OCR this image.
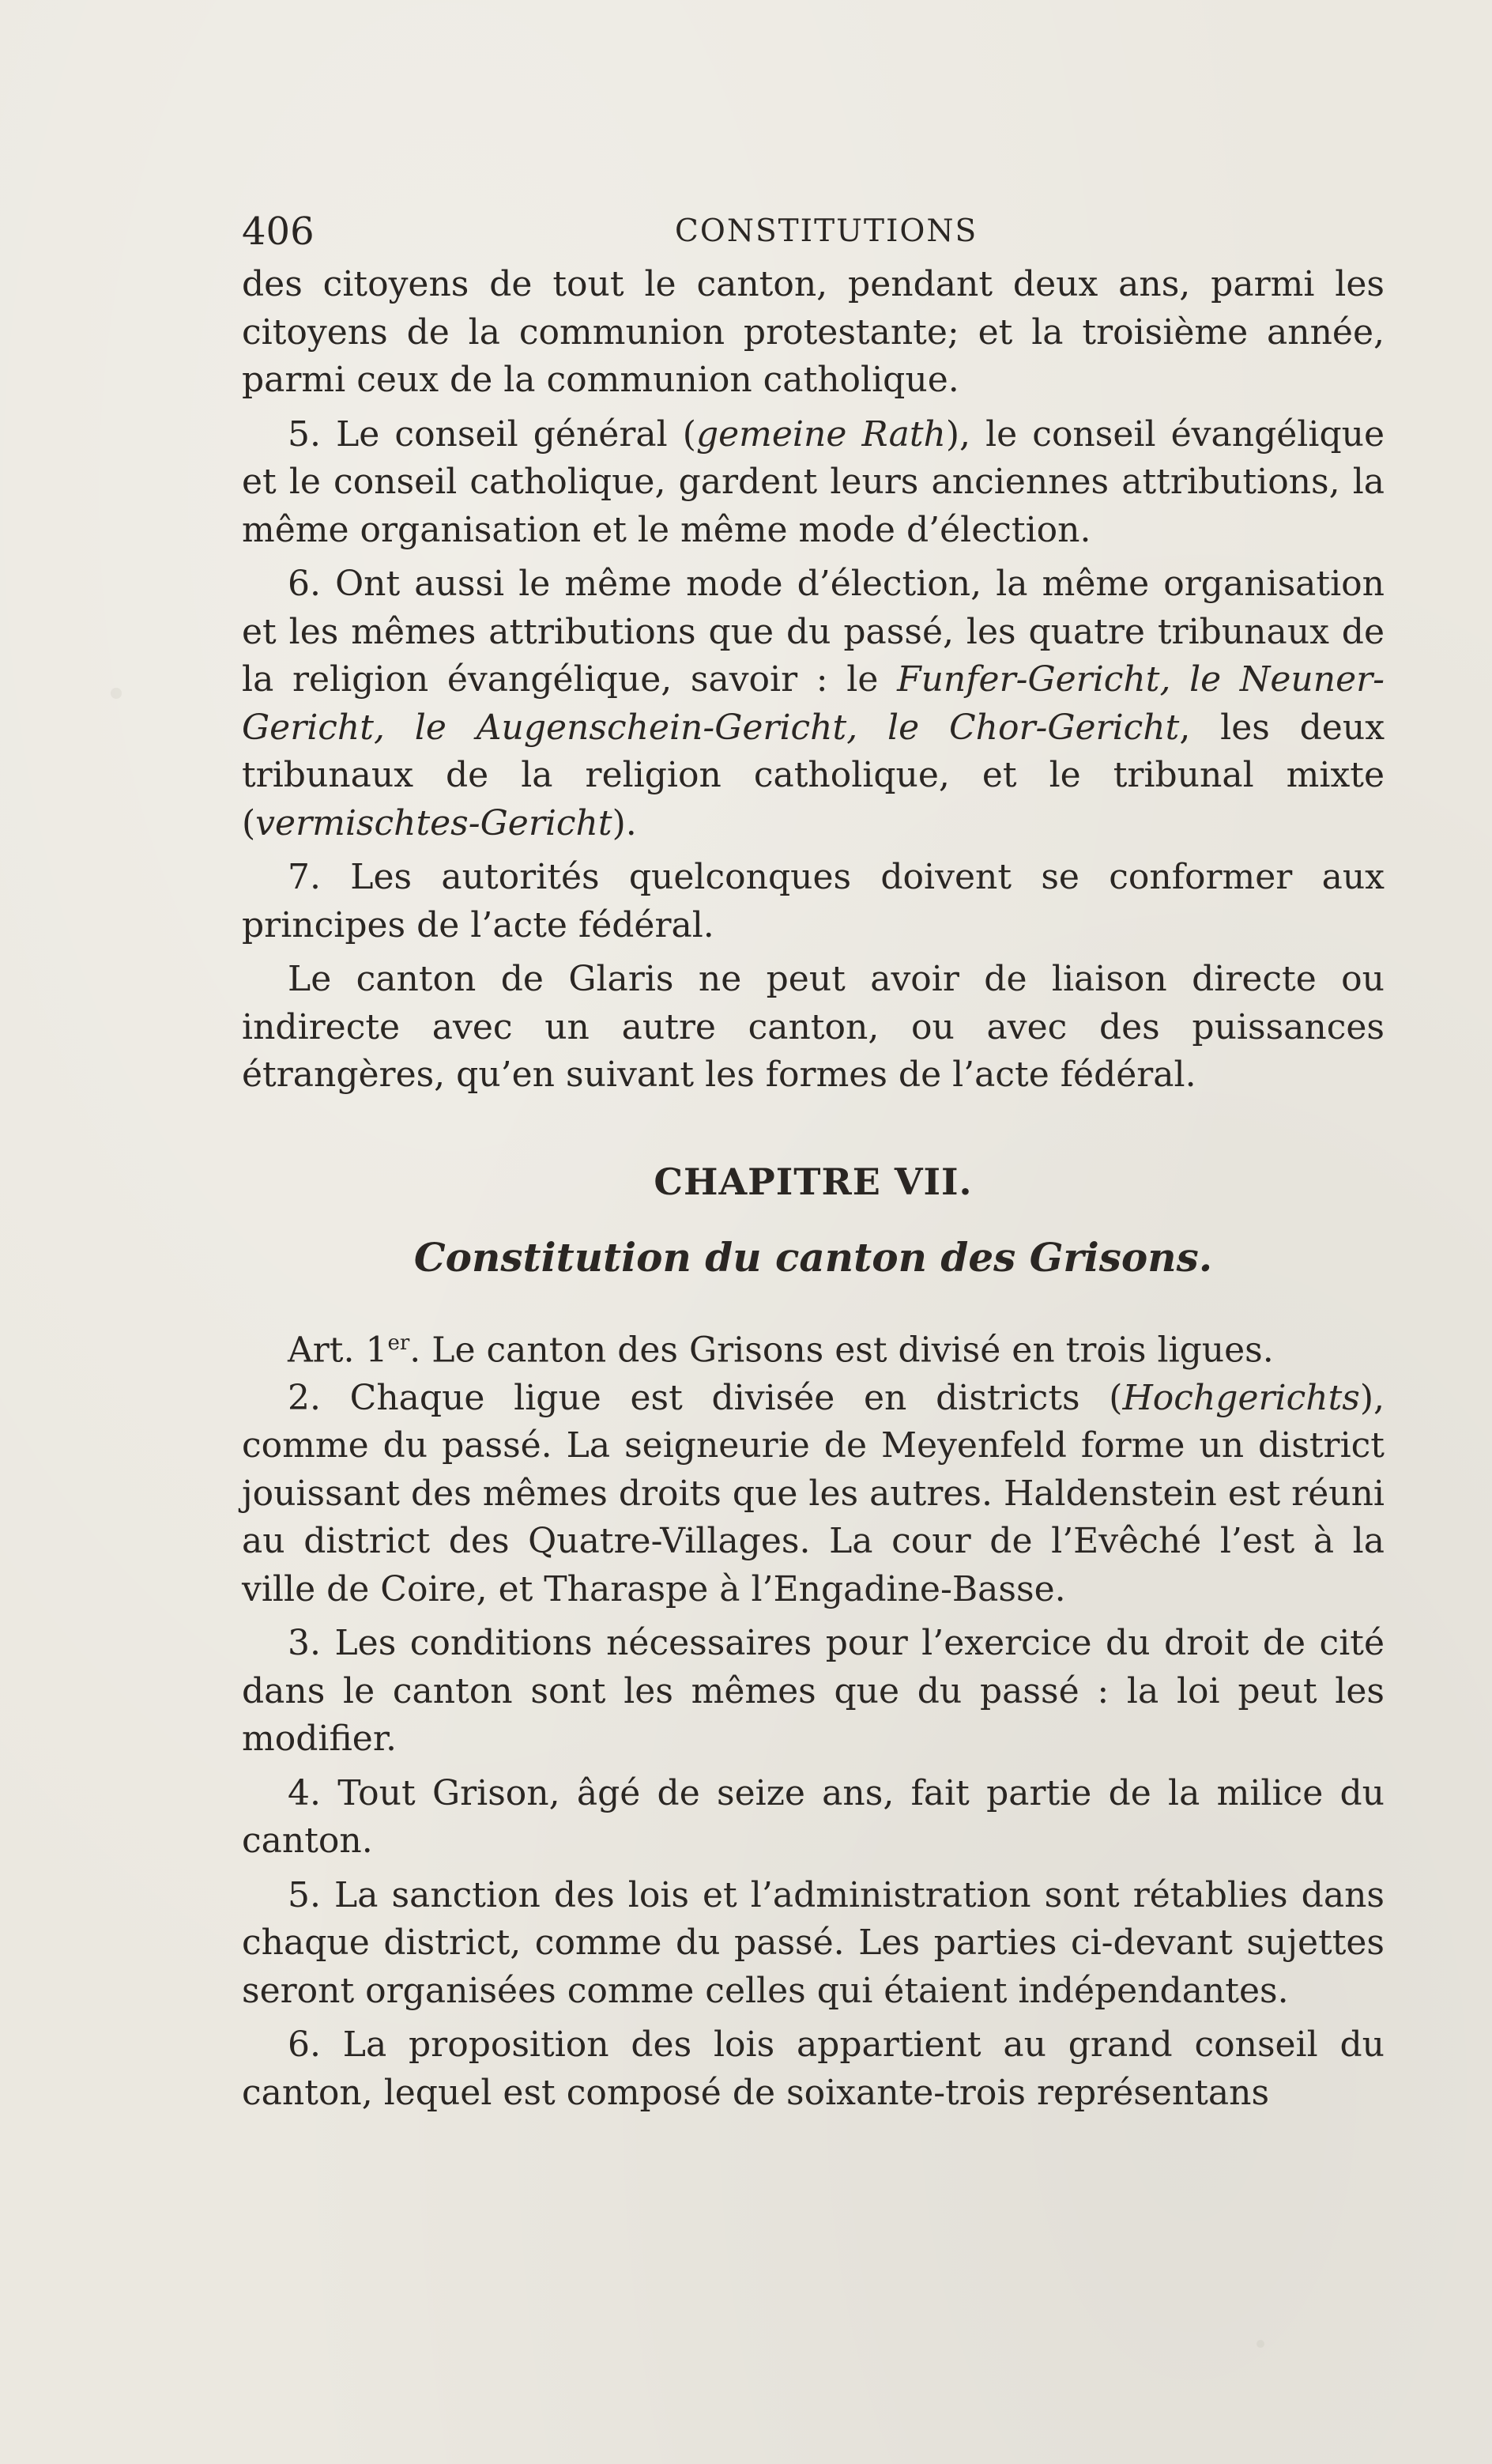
406	CONSTITUTIONS

des citoyens de tout le canton, pendant deux ans, parmi les citoyens de la communion protestante; et la troisième année, parmi ceux de la communion catholique.

5. Le conseil général (gemeine Rath), le conseil évangélique et le conseil catholique, gardent leurs anciennes attributions, la même organisation et le même mode d’élection.

6. Ont aussi le même mode d’élection, la même organisation et les mêmes attributions que du passé, les quatre tribunaux de la religion évangélique, savoir : le Funfer-Gericht, le Neuner-Gericht, le Augenschein-Gericht, le Chor-Gericht, les deux tribunaux de la religion catholique, et le tribunal mixte (vermischtes-Gericht).

7. Les autorités quelconques doivent se conformer aux principes de l’acte fédéral.

Le canton de Glaris ne peut avoir de liaison directe ou indirecte avec un autre canton, ou avec des puissances étrangères, qu’en suivant les formes de l’acte fédéral.

CHAPITRE VII.
Constitution du canton des Grisons.

Art. 1er. Le canton des Grisons est divisé en trois ligues.

2. Chaque ligue est divisée en districts (Hochgerichts), comme du passé. La seigneurie de Meyenfeld forme un district jouissant des mêmes droits que les autres. Haldenstein est réuni au district des Quatre-Villages. La cour de l’Evêché l’est à la ville de Coire, et Tharaspe à l’Engadine-Basse.

3. Les conditions nécessaires pour l’exercice du droit de cité dans le canton sont les mêmes que du passé : la loi peut les modifier.

4. Tout Grison, âgé de seize ans, fait partie de la milice du canton.

5. La sanction des lois et l’administration sont rétablies dans chaque district, comme du passé. Les parties ci-devant sujettes seront organisées comme celles qui étaient indépendantes.

6. La proposition des lois appartient au grand conseil du canton, lequel est composé de soixante-trois représentans
